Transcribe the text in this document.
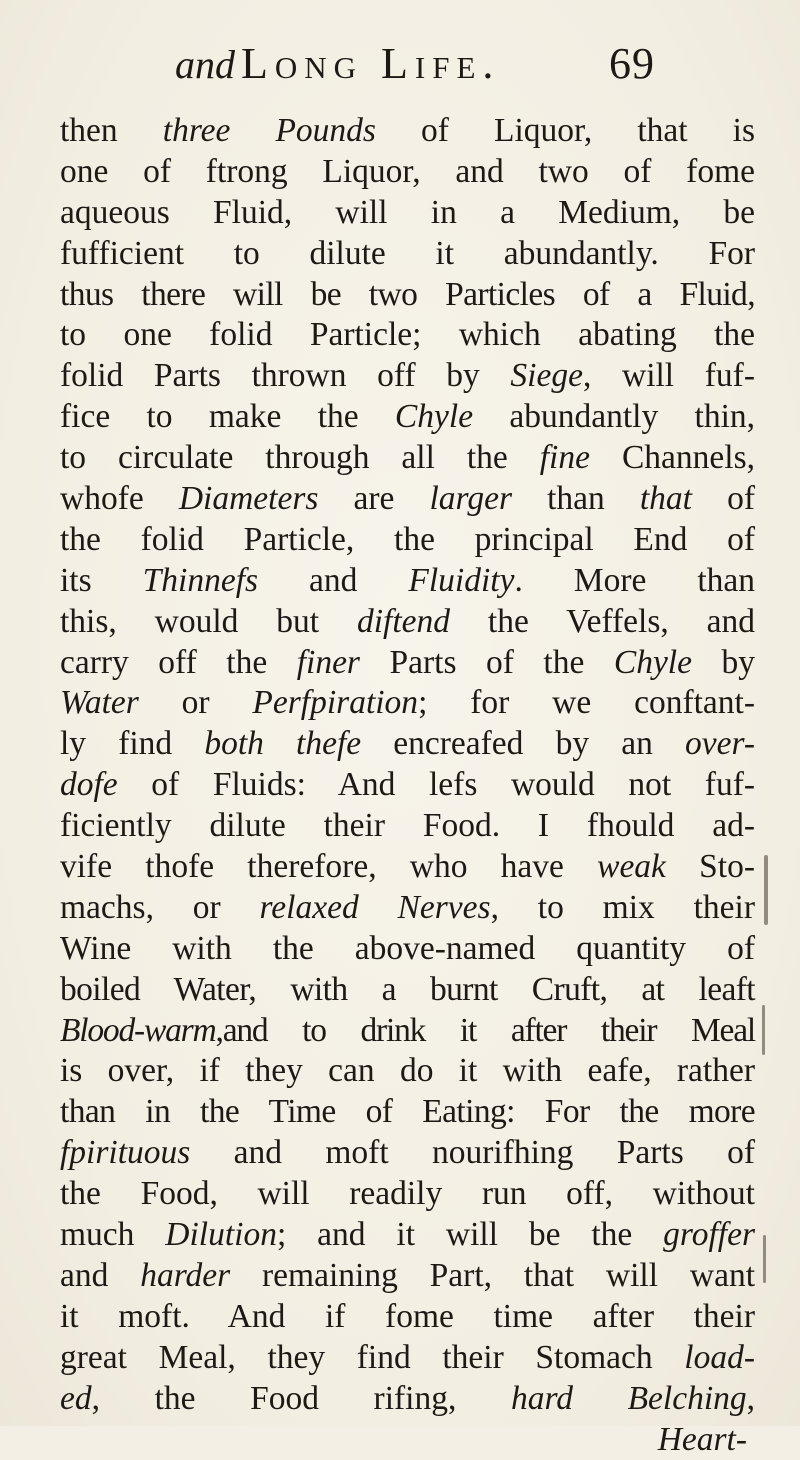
and Long Life. 69
then three Pounds of Liquor, that is
one of ftrong Liquor, and two of fome
aqueous Fluid, will in a Medium, be
fufficient to dilute it abundantly. For
thus there will be two Particles of a Fluid,
to one folid Particle; which abating the
folid Parts thrown off by Siege, will fuf-
fice to make the Chyle abundantly thin,
to circulate through all the fine Channels,
whofe Diameters are larger than that of
the folid Particle, the principal End of
its Thinnefs and Fluidity. More than
this, would but diftend the Veffels, and
carry off the finer Parts of the Chyle by
Water or Perfpiration; for we conftant-
ly find both thefe encreafed by an over-
dofe of Fluids: And lefs would not fuf-
ficiently dilute their Food. I fhould ad-
vife thofe therefore, who have weak Sto-
machs, or relaxed Nerves, to mix their
Wine with the above-named quantity of
boiled Water, with a burnt Cruft, at leaft
Blood-warm,and to drink it after their Meal
is over, if they can do it with eafe, rather
than in the Time of Eating: For the more
fpirituous and moft nourifhing Parts of
the Food, will readily run off, without
much Dilution; and it will be the groffer
and harder remaining Part, that will want
it moft. And if fome time after their
great Meal, they find their Stomach load-
ed, the Food rifing, hard Belching,
Heart-
